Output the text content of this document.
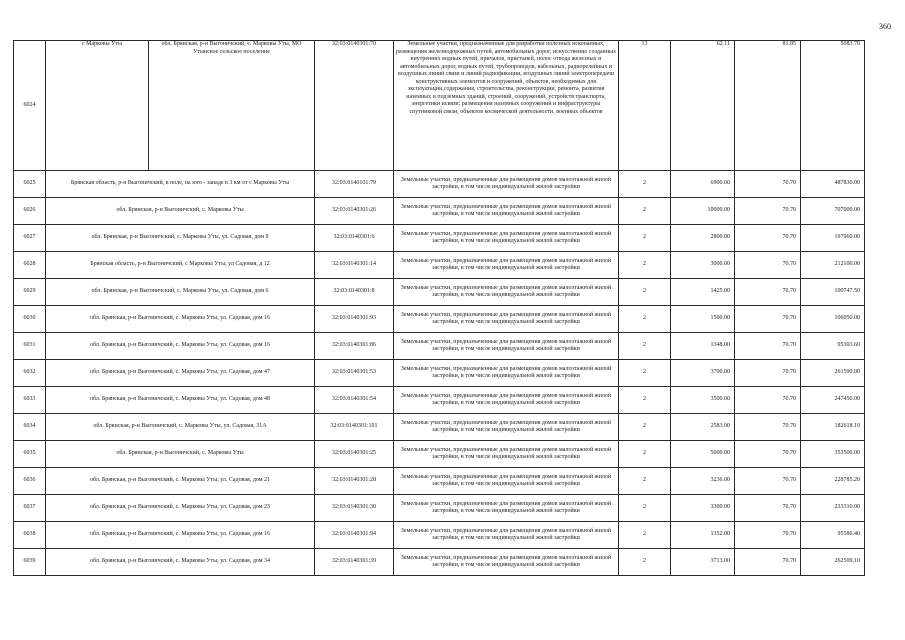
360
6024	с Марковы Уты	обл. Брянская, р-н Выгоничский, с. Марковы Уты, МО Утынское сельское поселение	32:03:0140301:70	Земельные участки, предназначенные для разработки полезных ископаемых, размещения железнодорожных путей, автомобильных дорог, искусственно созданных внутренних водных путей, причалов, пристаней, полос отвода железных и автомобильных дорог, водных путей, трубопроводов, кабельных, радиорелейных и воздушных линий связи и линий радиофикации, воздушных линий электропередачи конструктивных элементов и сооружений, объектов, необходимых для эксплуатации,содержания, строительства, реконструкции, ремонта, развития наземных и подземных зданий, строений, сооружений, устройств транспорта, энергетики исвязи; размещения наземных сооружений и инфраструктуры спутниковой связи, объектов космической деятельности, военных объектов	13	62.11	81.85	5083.70
6025	Брянская область, р-н Выгоничский, в поле, на юго - западе в 3 км от с Марковы Уты		32:03:0140101:79	Земельные участки, предназначенные для размещения домов малоэтажной жилой застройки, в том числе индивидуальной жилой застройки	2	6900.00	70.70	487830.00
6026	обл. Брянская, р-н Выгоничский, с. Марковы Уты		32:03:0140301:26	Земельные участки, предназначенные для размещения домов малоэтажной жилой застройки, в том числе индивидуальной жилой застройки	2	10000.00	70.70	707000.00
6027	обл. Брянская, р-н Выгоничский, с. Марковы Уты, ул. Садовая, дом 9		32:03:0140301:6	Земельные участки, предназначенные для размещения домов малоэтажной жилой застройки, в том числе индивидуальной жилой застройки	2	2800.00	70.70	197960.00
6028	Брянская область, р-н Выгоничский, с Марковы Уты, ул Садовая, д 12		32:03:0140301:14	Земельные участки, предназначенные для размещения домов малоэтажной жилой застройки, в том числе индивидуальной жилой застройки	2	3000.00	70.70	212100.00
6029	обл. Брянская, р-н Выгоничский, с. Марковы Уты, ул. Садовая, дом 6		32:03:0140301:8	Земельные участки, предназначенные для размещения домов малоэтажной жилой застройки, в том числе индивидуальной жилой застройки	2	1425.00	70.70	100747.50
6030	обл. Брянская, р-н Выгоничский, с. Марковы Уты, ул. Садовая, дом 16		32:03:0140301:93	Земельные участки, предназначенные для размещения домов малоэтажной жилой застройки, в том числе индивидуальной жилой застройки	2	1500.00	70.70	106050.00
6031	обл. Брянская, р-н Выгоничский, с. Марковы Уты, ул. Садовая, дом 16		32:03:0140301:86	Земельные участки, предназначенные для размещения домов малоэтажной жилой застройки, в том числе индивидуальной жилой застройки	2	1348.00	70.70	95303.60
6032	обл. Брянская, р-н Выгоничский, с. Марковы Уты, ул. Садовая, дом 47		32:03:0140301:53	Земельные участки, предназначенные для размещения домов малоэтажной жилой застройки, в том числе индивидуальной жилой застройки	2	3700.00	70.70	261590.00
6033	обл. Брянская, р-н Выгоничский, с. Марковы Уты, ул. Садовая, дом 48		32:03:0140301:54	Земельные участки, предназначенные для размещения домов малоэтажной жилой застройки, в том числе индивидуальной жилой застройки	2	3500.00	70.70	247450.00
6034	обл. Брянская, р-н Выгоничский, с. Марковы Уты, ул. Садовая, 31А		32:03:0140301:101	Земельные участки, предназначенные для размещения домов малоэтажной жилой застройки, в том числе индивидуальной жилой застройки	2	2583.00	70.70	182618.10
6035	обл. Брянская, р-н Выгоничский, с. Марковы Уты		32:03:0140301:25	Земельные участки, предназначенные для размещения домов малоэтажной жилой застройки, в том числе индивидуальной жилой застройки	2	5000.00	70.70	353500.00
6036	обл. Брянская, р-н Выгоничский, с. Марковы Уты, ул. Садовая, дом 21		32:03:0140301:28	Земельные участки, предназначенные для размещения домов малоэтажной жилой застройки, в том числе индивидуальной жилой застройки	2	3236.00	70.70	228785.20
6037	обл. Брянская, р-н Выгоничский, с. Марковы Уты, ул. Садовая, дом 23		32:03:0140301:30	Земельные участки, предназначенные для размещения домов малоэтажной жилой застройки, в том числе индивидуальной жилой застройки	2	3300.00	70.70	233310.00
6038	обл. Брянская, р-н Выгоничский, с. Марковы Уты, ул. Садовая, дом 16		32:03:0140301:94	Земельные участки, предназначенные для размещения домов малоэтажной жилой застройки, в том числе индивидуальной жилой застройки	2	1352.00	70.70	95586.40
6039	обл. Брянская, р-н Выгоничский, с. Марковы Уты, ул. Садовая, дом 34		32:03:0140301:39	Земельные участки, предназначенные для размещения домов малоэтажной жилой застройки, в том числе индивидуальной жилой застройки	2	3713.00	70.70	262509.10
